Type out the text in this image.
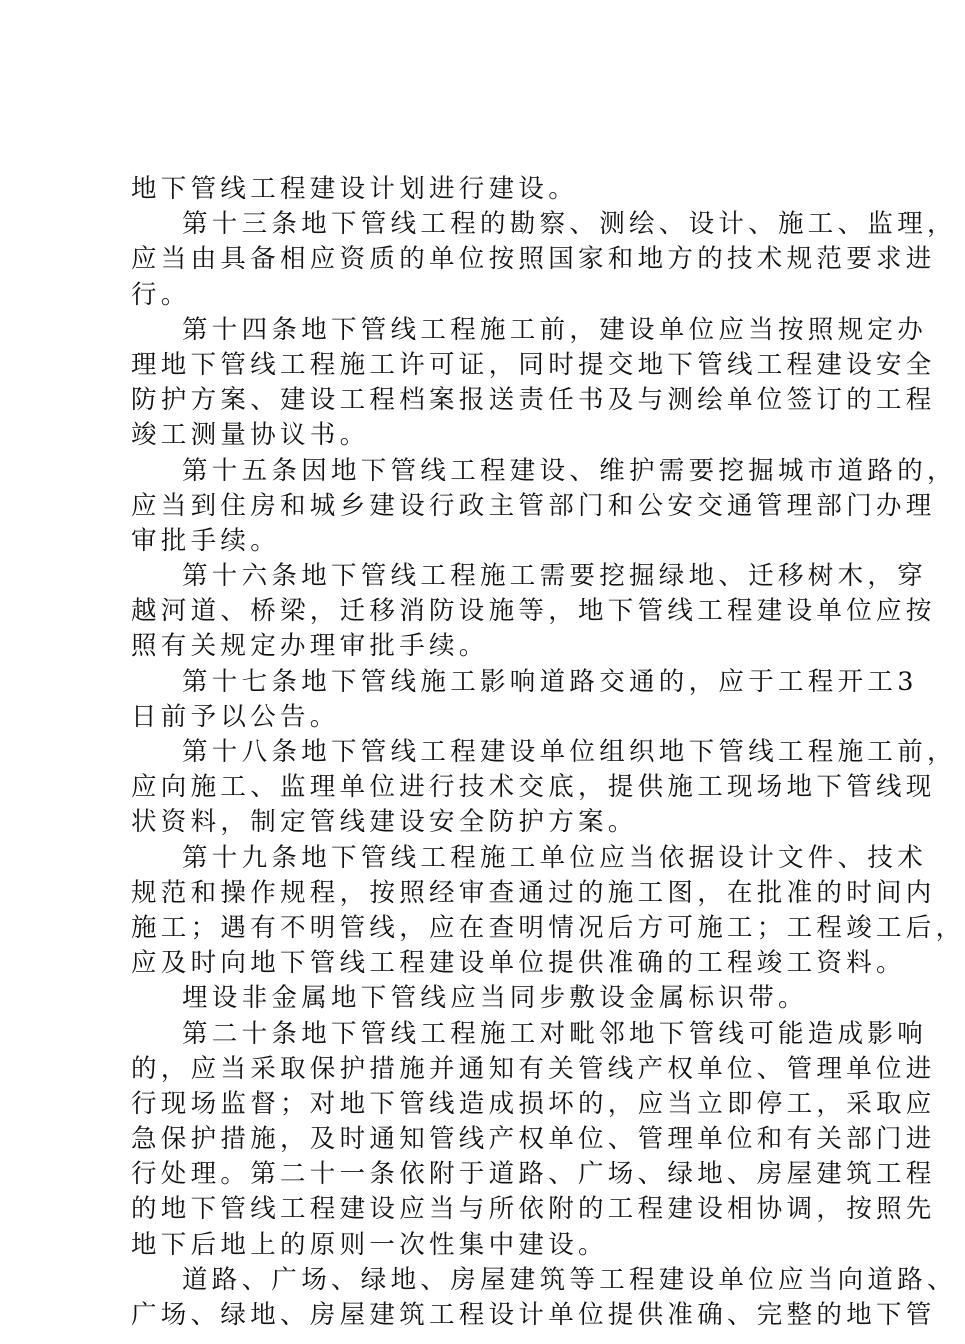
地下管线工程建设计划进行建设。
第十三条地下管线工程的勘察、测绘、设计、施工、监理，
应当由具备相应资质的单位按照国家和地方的技术规范要求进
行。
第十四条地下管线工程施工前，建设单位应当按照规定办
理地下管线工程施工许可证，同时提交地下管线工程建设安全
防护方案、建设工程档案报送责任书及与测绘单位签订的工程
竣工测量协议书。
第十五条因地下管线工程建设、维护需要挖掘城市道路的，
应当到住房和城乡建设行政主管部门和公安交通管理部门办理
审批手续。
第十六条地下管线工程施工需要挖掘绿地、迁移树木，穿
越河道、桥梁，迁移消防设施等，地下管线工程建设单位应按
照有关规定办理审批手续。
第十七条地下管线施工影响道路交通的，应于工程开工3
日前予以公告。
第十八条地下管线工程建设单位组织地下管线工程施工前，
应向施工、监理单位进行技术交底，提供施工现场地下管线现
状资料，制定管线建设安全防护方案。
第十九条地下管线工程施工单位应当依据设计文件、技术
规范和操作规程，按照经审查通过的施工图，在批准的时间内
施工；遇有不明管线，应在查明情况后方可施工；工程竣工后，
应及时向地下管线工程建设单位提供准确的工程竣工资料。
埋设非金属地下管线应当同步敷设金属标识带。
第二十条地下管线工程施工对毗邻地下管线可能造成影响
的，应当采取保护措施并通知有关管线产权单位、管理单位进
行现场监督；对地下管线造成损坏的，应当立即停工，采取应
急保护措施，及时通知管线产权单位、管理单位和有关部门进
行处理。第二十一条依附于道路、广场、绿地、房屋建筑工程
的地下管线工程建设应当与所依附的工程建设相协调，按照先
地下后地上的原则一次性集中建设。
道路、广场、绿地、房屋建筑等工程建设单位应当向道路、
广场、绿地、房屋建筑工程设计单位提供准确、完整的地下管
